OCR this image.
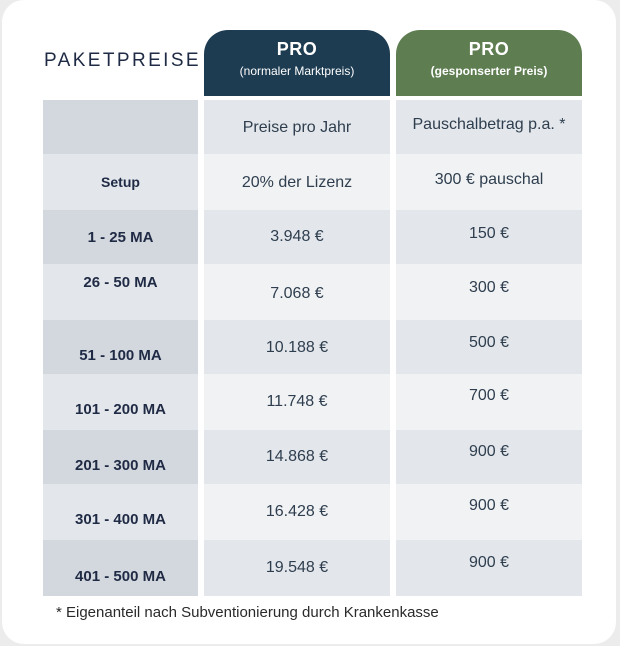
PAKETPREISE
PRO
(normaler Marktpreis)
PRO
(gesponserter Preis)
Setup
1 - 25 MA
26 - 50 MA
51 - 100 MA
101 - 200 MA
201 - 300 MA
301 - 400 MA
401 - 500 MA
Preise pro Jahr
20% der Lizenz
3.948 €
7.068 €
10.188 €
11.748 €
14.868 €
16.428 €
19.548 €
Pauschalbetrag p.a. *
300 € pauschal
150 €
300 €
500 €
700 €
900 €
900 €
900 €
* Eigenanteil nach Subventionierung durch Krankenkasse
